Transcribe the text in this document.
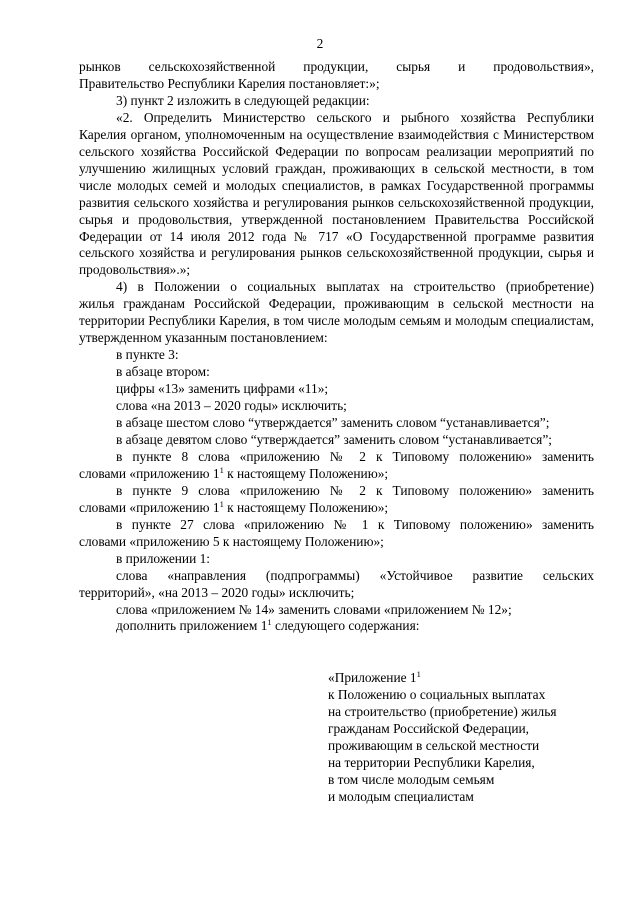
2

рынков сельскохозяйственной продукции, сырья и продовольствия»,

Правительство Республики Карелия постановляет:»;

3) пункт 2 изложить в следующей редакции:

«2. Определить Министерство сельского и рыбного хозяйства Республики

Карелия органом, уполномоченным на осуществление взаимодействия с Министерством сельского хозяйства Российской Федерации по вопросам реализации мероприятий по улучшению жилищных условий граждан, проживающих в сельской местности, в том числе молодых семей и молодых специалистов, в рамках Государственной программы развития сельского хозяйства и регулирования рынков сельскохозяйственной продукции, сырья и продовольствия, утвержденной постановлением Правительства Российской Федерации от 14 июля 2012 года № 717 «О Государственной программе развития сельского хозяйства и регулирования рынков сельскохозяйственной продукции, сырья и продовольствия».»;

4) в Положении о социальных выплатах на строительство (приобретение)

жилья гражданам Российской Федерации, проживающим в сельской местности на территории Республики Карелия, в том числе молодым семьям и молодым специалистам, утвержденном указанным постановлением:

в пункте 3:

в абзаце втором:

цифры «13» заменить цифрами «11»;

слова «на 2013 – 2020 годы» исключить;

в абзаце шестом слово “утверждается” заменить словом “устанавливается”;

в абзаце девятом слово “утверждается” заменить словом “устанавливается”;

в пункте 8 слова «приложению № 2 к Типовому положению» заменить

словами «приложению $1^1$ к настоящему Положению»;

в пункте 9 слова «приложению № 2 к Типовому положению» заменить

словами «приложению $1^1$ к настоящему Положению»;

в пункте 27 слова «приложению № 1 к Типовому положению» заменить

словами «приложению 5 к настоящему Положению»;

в приложении 1:

слова «направления (подпрограммы) «Устойчивое развитие сельских

территорий», «на 2013 – 2020 годы» исключить;

слова «приложением № 14» заменить словами «приложением № 12»;

дополнить приложением $1^1$ следующего содержания:

«Приложение $1^1$
к Положению о социальных выплатах
на строительство (приобретение) жилья
гражданам Российской Федерации,
проживающим в сельской местности
на территории Республики Карелия,
в том числе молодым семьям
и молодым специалистам
